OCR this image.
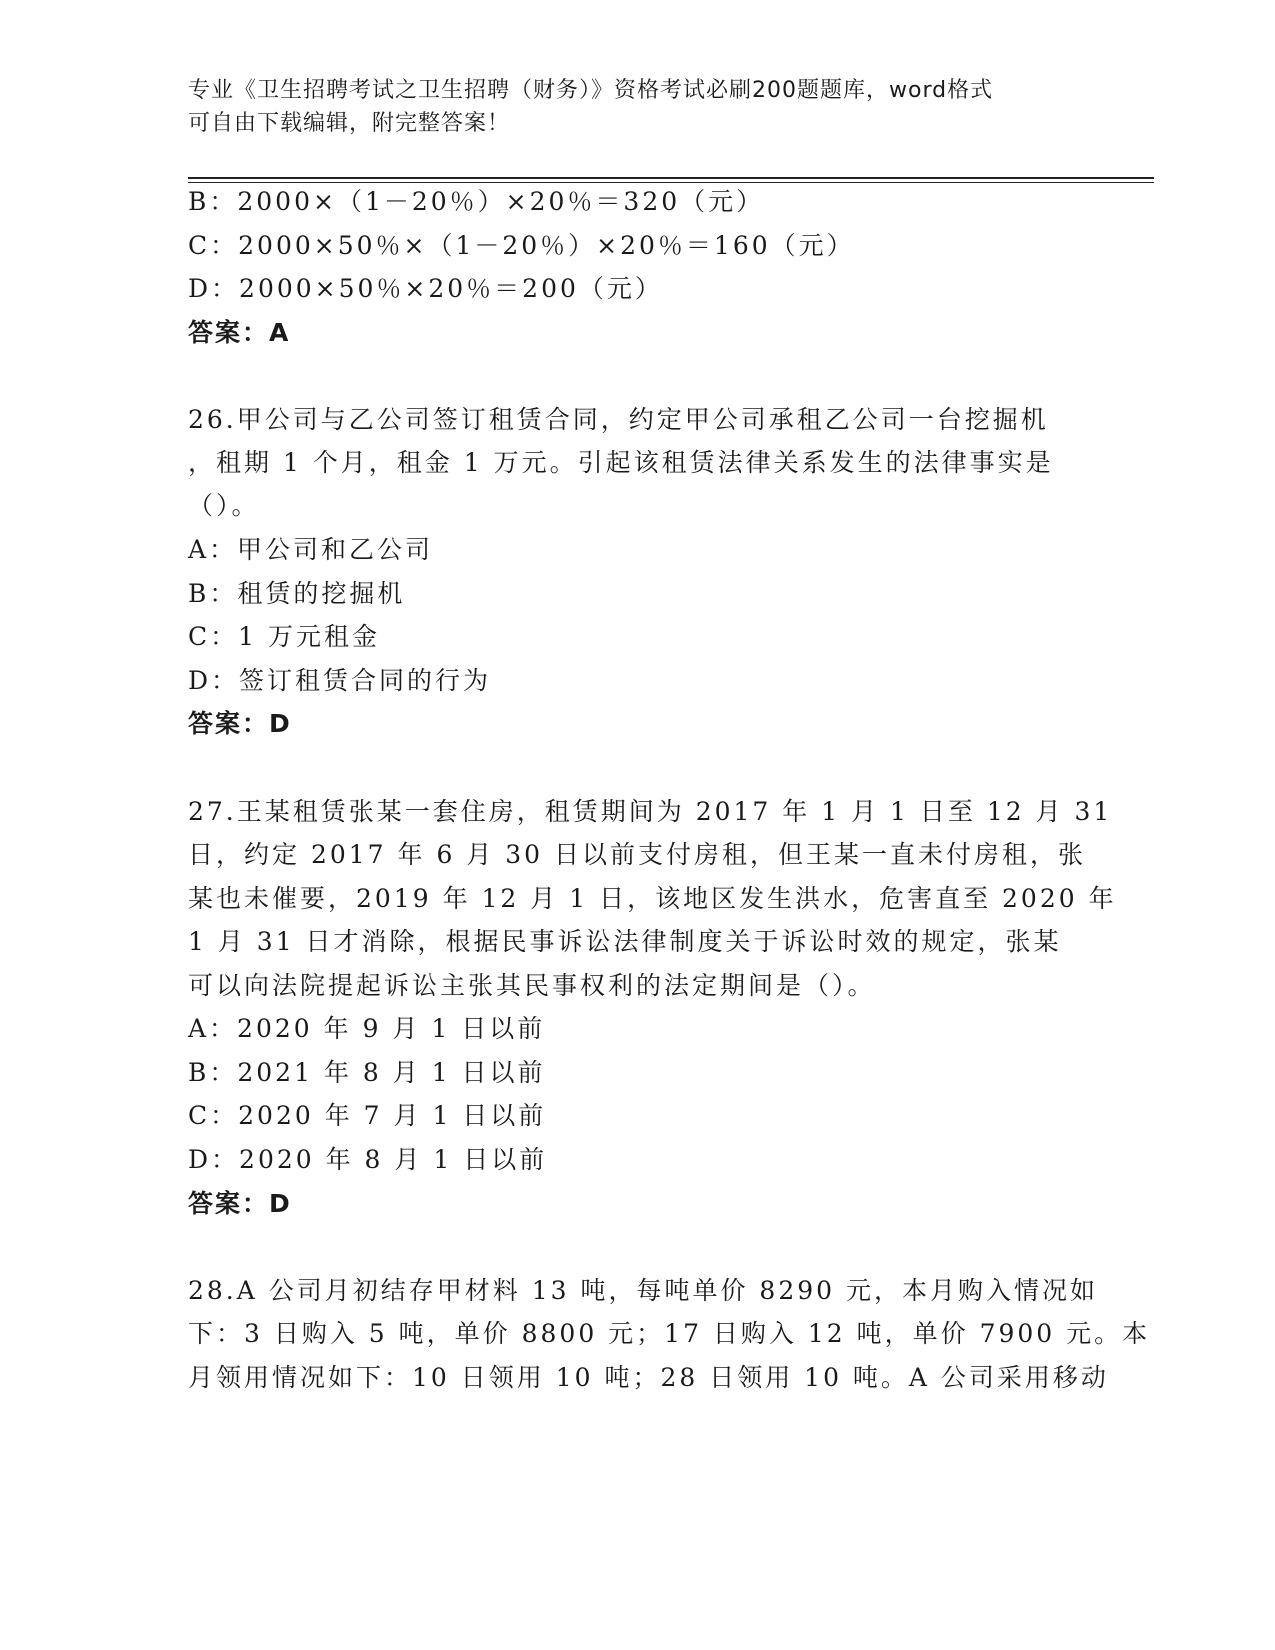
专业《卫生招聘考试之卫生招聘（财务）》资格考试必刷200题题库，word格式
可自由下载编辑，附完整答案！
B：2000×（1－20％）×20％＝320（元）
C：2000×50％×（1－20％）×20％＝160（元）
D：2000×50％×20％＝200（元）
答案：A
26.甲公司与乙公司签订租赁合同，约定甲公司承租乙公司一台挖掘机
，租期 1 个月，租金 1 万元。引起该租赁法律关系发生的法律事实是
（）。
A：甲公司和乙公司
B：租赁的挖掘机
C：1 万元租金
D：签订租赁合同的行为
答案：D
27.王某租赁张某一套住房，租赁期间为 2017 年 1 月 1 日至 12 月 31
日，约定 2017 年 6 月 30 日以前支付房租，但王某一直未付房租，张
某也未催要，2019 年 12 月 1 日，该地区发生洪水，危害直至 2020 年
1 月 31 日才消除，根据民事诉讼法律制度关于诉讼时效的规定，张某
可以向法院提起诉讼主张其民事权利的法定期间是（）。
A：2020 年 9 月 1 日以前
B：2021 年 8 月 1 日以前
C：2020 年 7 月 1 日以前
D：2020 年 8 月 1 日以前
答案：D
28.A 公司月初结存甲材料 13 吨，每吨单价 8290 元，本月购入情况如
下：3 日购入 5 吨，单价 8800 元；17 日购入 12 吨，单价 7900 元。本
月领用情况如下：10 日领用 10 吨；28 日领用 10 吨。A 公司采用移动
